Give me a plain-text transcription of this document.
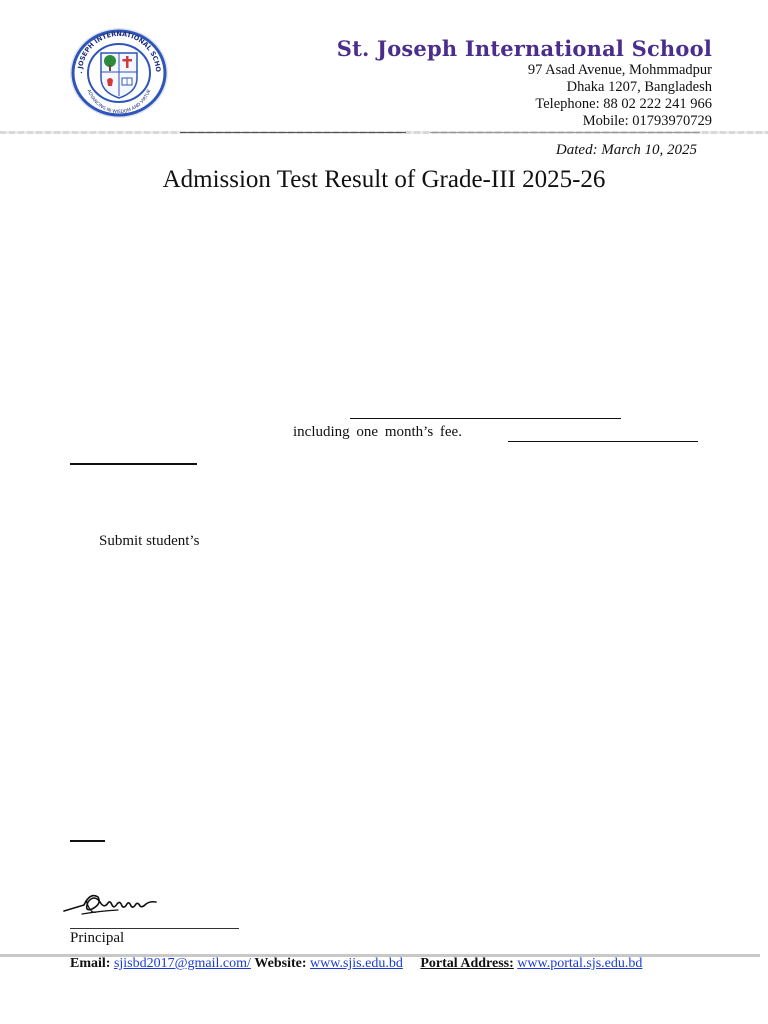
. JOSEPH INTERNATIONAL SCHO
ADVANCING IN WISDOM AND VIRTUE
St. Joseph International School
97 Asad Avenue, Mohmmadpur
Dhaka 1207, Bangladesh
Telephone: 88 02 222 241 966
Mobile: 01793970729
Dated: March 10, 2025
Admission Test Result of Grade-III 2025-26
including one month’s fee.
Submit student’s
Principal
Email: sjisbd2017@gmail.com/ Website: www.sjis.edu.bd Portal Address: www.portal.sjs.edu.bd
